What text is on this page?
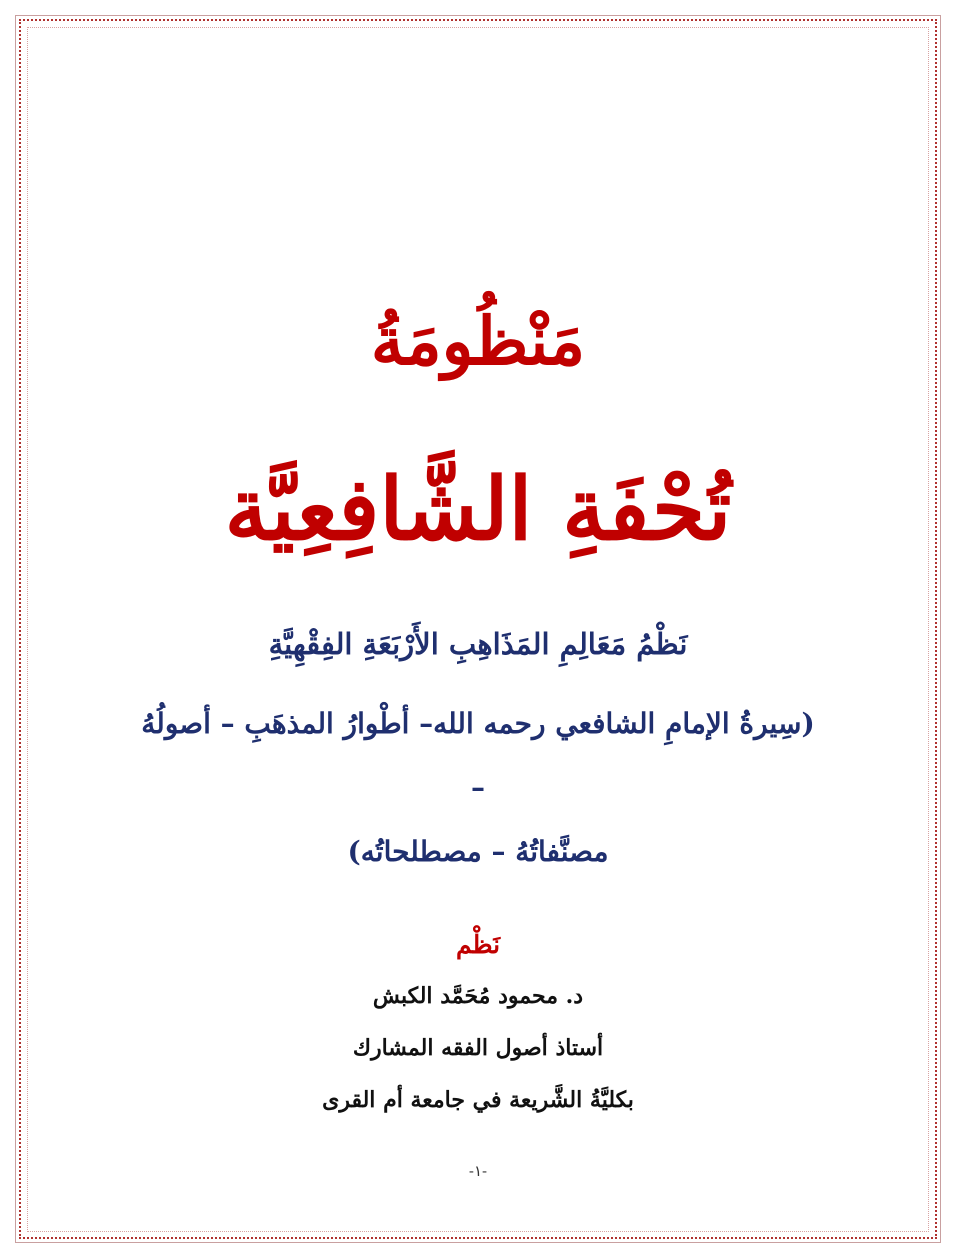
مَنْظُومَةُ
تُحْفَةِ الشَّافِعِيَّة
نَظْمُ مَعَالِمِ المَذَاهِبِ الأَرْبَعَةِ الفِقْهِيَّةِ
(سِيرةُ الإمامِ الشافعي رحمه الله– أطْوارُ المذهَبِ – أصولُهُ –
مصنَّفاتُهُ – مصطلحاتُه)
نَظْم
د. محمود مُحَمَّد الكبش
أستاذ أصول الفقه المشارك
بكليَّةُ الشَّريعة في جامعة أم القرى
-١-
